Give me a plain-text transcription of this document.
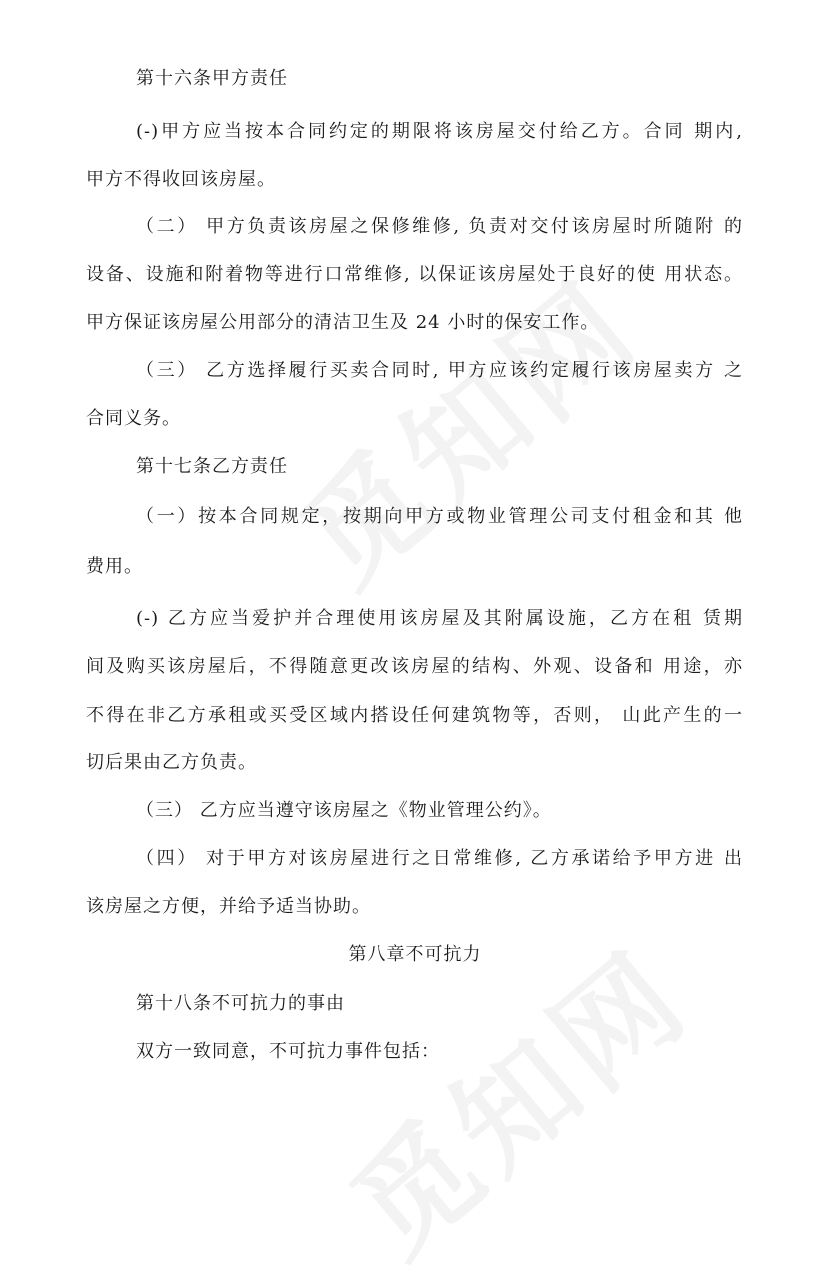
第十六条甲方责任
(-)甲方应当按本合同约定的期限将该房屋交付给乙方。合同 期内,
甲方不得收回该房屋。
（二） 甲方负责该房屋之保修维修, 负责对交付该房屋时所随附 的
设备、设施和附着物等进行口常维修, 以保证该房屋处于良好的使 用状态。
甲方保证该房屋公用部分的清洁卫生及 24 小时的保安工作。
（三） 乙方选择履行买卖合同时, 甲方应该约定履行该房屋卖方 之
合同义务。
第十七条乙方责任
（一）按本合同规定，按期向甲方或物业管理公司支付租金和其 他
费用。
(-) 乙方应当爱护并合理使用该房屋及其附属设施，乙方在租 赁期
间及购买该房屋后，不得随意更改该房屋的结构、外观、设备和 用途，亦
不得在非乙方承租或买受区域内搭设任何建筑物等，否则， 山此产生的一
切后果由乙方负责。
（三） 乙方应当遵守该房屋之《物业管理公约》。
（四） 对于甲方对该房屋进行之日常维修, 乙方承诺给予甲方进 出
该房屋之方便，并给予适当协助。
第八章不可抗力
第十八条不可抗力的事由
双方一致同意，不可抗力事件包括：
